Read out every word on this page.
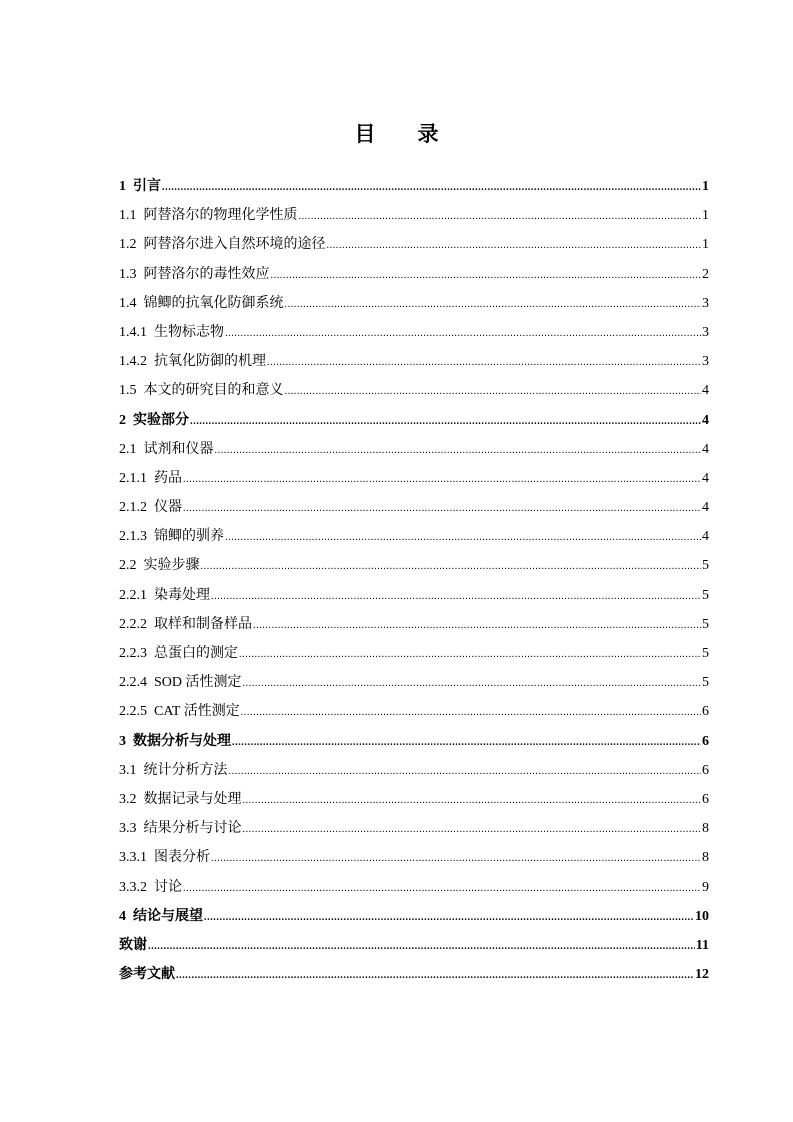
目 录
1 引言 .....	1
1.1 阿替洛尔的物理化学性质 .....	1
1.2 阿替洛尔进入自然环境的途径 .....	1
1.3 阿替洛尔的毒性效应 .....	2
1.4 锦鲫的抗氧化防御系统 .....	3
1.4.1 生物标志物 .....	3
1.4.2 抗氧化防御的机理 .....	3
1.5 本文的研究目的和意义 .....	4
2 实验部分 .....	4
2.1 试剂和仪器 .....	4
2.1.1 药品 .....	4
2.1.2 仪器 .....	4
2.1.3 锦鲫的驯养 .....	4
2.2 实验步骤 .....	5
2.2.1 染毒处理 .....	5
2.2.2 取样和制备样品 .....	5
2.2.3 总蛋白的测定 .....	5
2.2.4 SOD 活性测定 .....	5
2.2.5 CAT 活性测定 .....	6
3 数据分析与处理 .....	6
3.1 统计分析方法 .....	6
3.2 数据记录与处理 .....	6
3.3 结果分析与讨论 .....	8
3.3.1 图表分析 .....	8
3.3.2 讨论 .....	9
4 结论与展望 .....	10
致谢 .....	11
参考文献 .....	12
